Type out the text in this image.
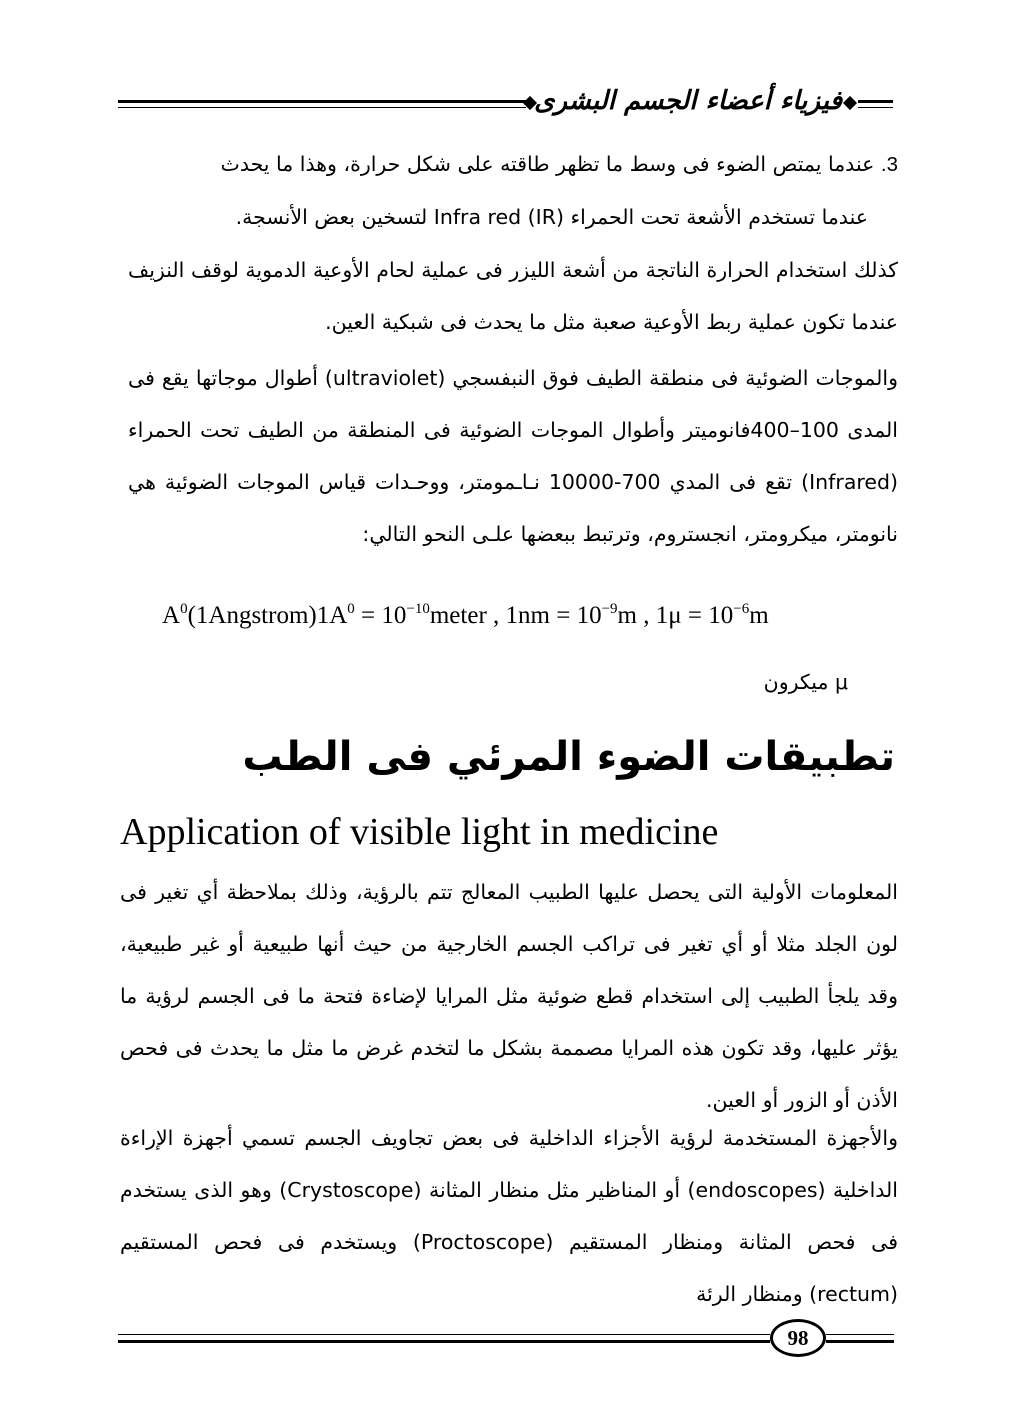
فيزياء أعضاء الجسم البشرى
3. عندما يمتص الضوء فى وسط ما تظهر طاقته على شكل حرارة، وهذا ما يحدث
عندما تستخدم الأشعة تحت الحمراء Infra red (IR) لتسخين بعض الأنسجة.
كذلك استخدام الحرارة الناتجة من أشعة الليزر فى عملية لحام الأوعية الدموية لوقف النزيف عندما تكون عملية ربط الأوعية صعبة مثل ما يحدث فى شبكية العين.
والموجات الضوئية فى منطقة الطيف فوق النبفسجي (ultraviolet) أطوال موجاتها يقع فى المدى 100–400فانوميتر وأطوال الموجات الضوئية فى المنطقة من الطيف تحت الحمراء (Infrared) تقع فى المدي 700-10000 نـاـمومتر، ووحـدات قياس الموجات الضوئية هي نانومتر، ميكرومتر، انجستروم، وترتبط ببعضها علـى النحو التالي:
$A^0(1Angstrom)1A^0$ = $10^{-10}meter$ , $1nm = 10^{-9}m$ , $1\mu = 10^{-6}m$
μ ميكرون
تطبيقات الضوء المرئي فى الطب
Application of visible light in medicine
المعلومات الأولية التى يحصل عليها الطبيب المعالج تتم بالرؤية، وذلك بملاحظة أي تغير فى لون الجلد مثلا أو أي تغير فى تراكب الجسم الخارجية من حيث أنها طبيعية أو غير طبيعية، وقد يلجأ الطبيب إلى استخدام قطع ضوئية مثل المرايا لإضاءة فتحة ما فى الجسم لرؤية ما يؤثر عليها، وقد تكون هذه المرايا مصممة بشكل ما لتخدم غرض ما مثل ما يحدث فى فحص الأذن أو الزور أو العين.
والأجهزة المستخدمة لرؤية الأجزاء الداخلية فى بعض تجاويف الجسم تسمي أجهزة الإراءة الداخلية (endoscopes) أو المناظير مثل منظار المثانة (Crystoscope) وهو الذى يستخدم فى فحص المثانة ومنظار المستقيم (Proctoscope) ويستخدم فى فحص المستقيم (rectum) ومنظار الرئة
98
